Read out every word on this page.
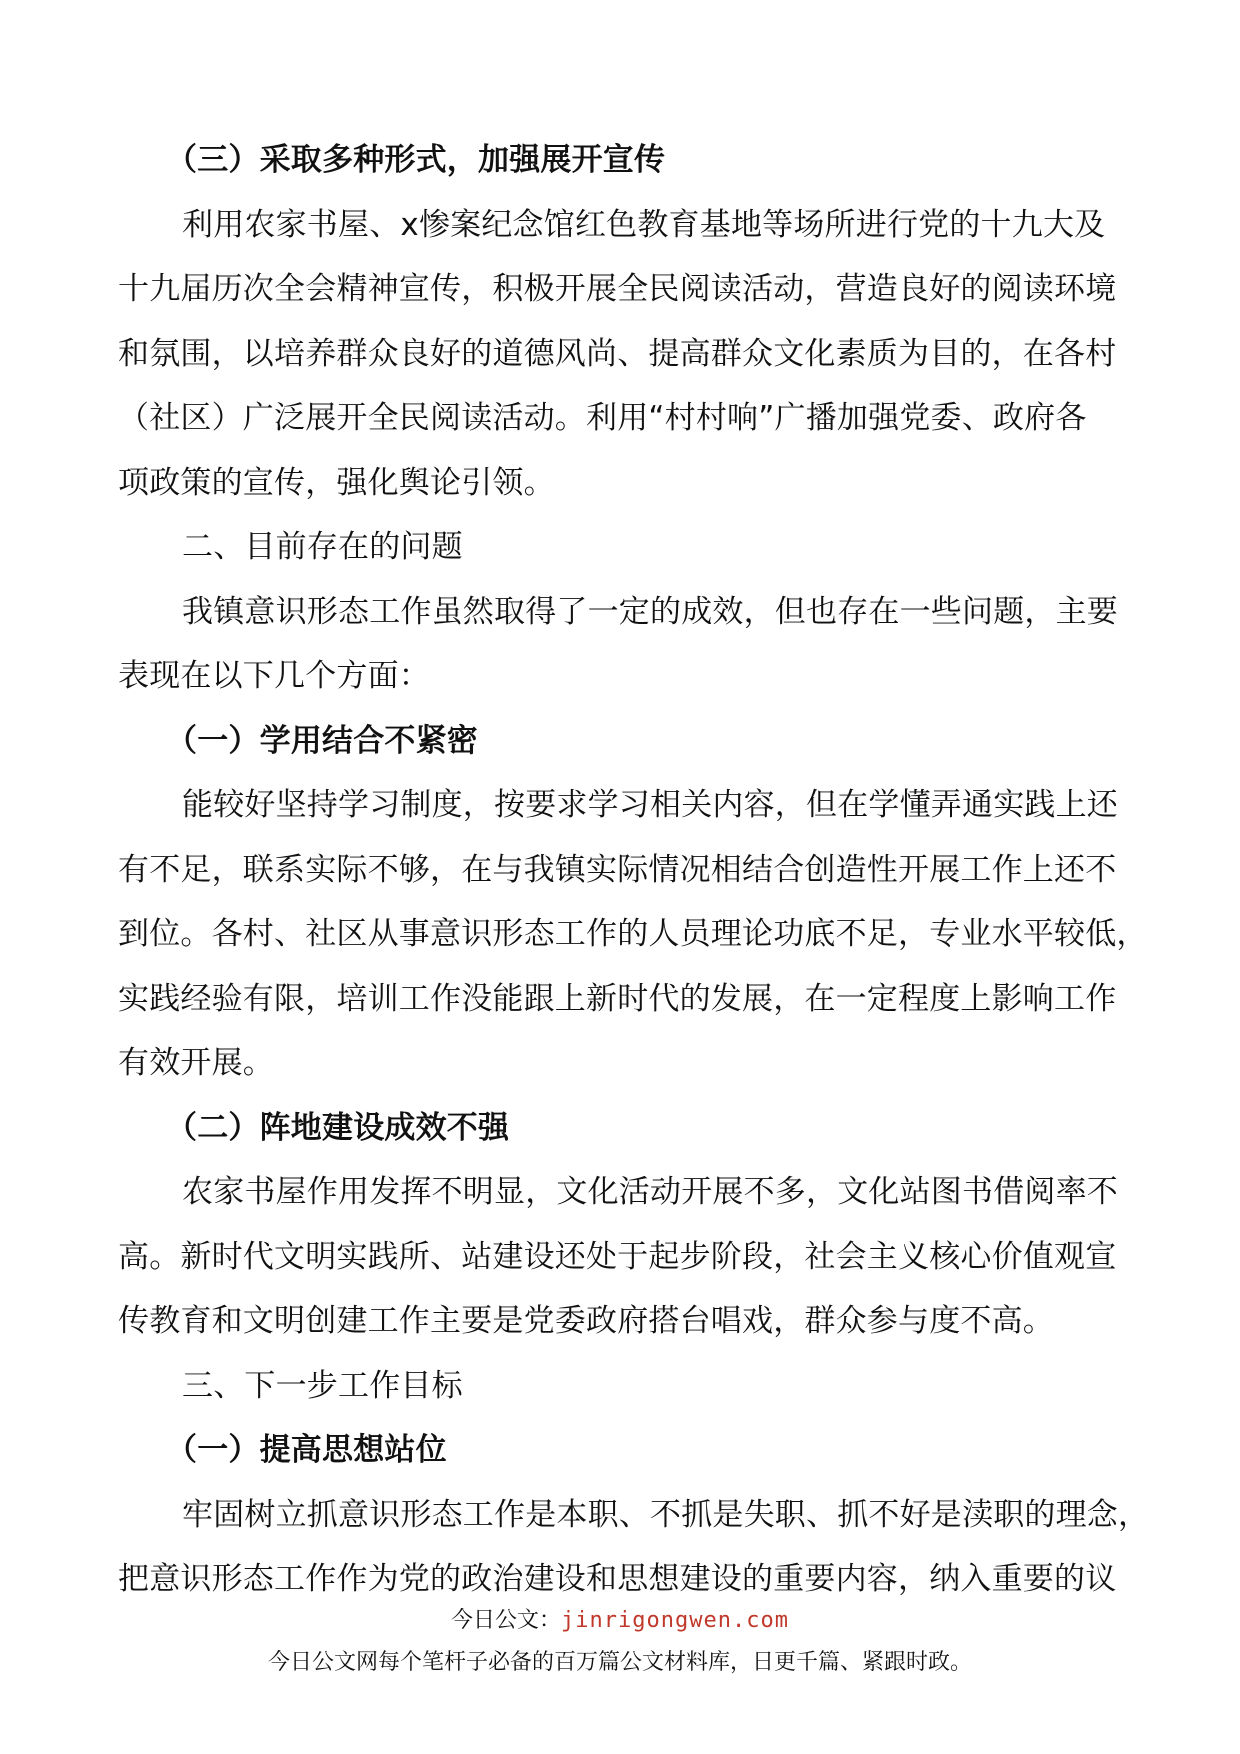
（三）采取多种形式，加强展开宣传
利用农家书屋、x惨案纪念馆红色教育基地等场所进行党的十九大及
十九届历次全会精神宣传，积极开展全民阅读活动，营造良好的阅读环境
和氛围，以培养群众良好的道德风尚、提高群众文化素质为目的，在各村
（社区）广泛展开全民阅读活动。利用“村村响”广播加强党委、政府各
项政策的宣传，强化舆论引领。
二、目前存在的问题
我镇意识形态工作虽然取得了一定的成效，但也存在一些问题，主要
表现在以下几个方面：
（一）学用结合不紧密
能较好坚持学习制度，按要求学习相关内容，但在学懂弄通实践上还
有不足，联系实际不够，在与我镇实际情况相结合创造性开展工作上还不
到位。各村、社区从事意识形态工作的人员理论功底不足，专业水平较低，
实践经验有限，培训工作没能跟上新时代的发展，在一定程度上影响工作
有效开展。
（二）阵地建设成效不强
农家书屋作用发挥不明显，文化活动开展不多，文化站图书借阅率不
高。新时代文明实践所、站建设还处于起步阶段，社会主义核心价值观宣
传教育和文明创建工作主要是党委政府搭台唱戏，群众参与度不高。
三、下一步工作目标
（一）提高思想站位
牢固树立抓意识形态工作是本职、不抓是失职、抓不好是渎职的理念，
把意识形态工作作为党的政治建设和思想建设的重要内容，纳入重要的议
今日公文：jinrigongwen.com
今日公文网每个笔杆子必备的百万篇公文材料库，日更千篇、紧跟时政。
